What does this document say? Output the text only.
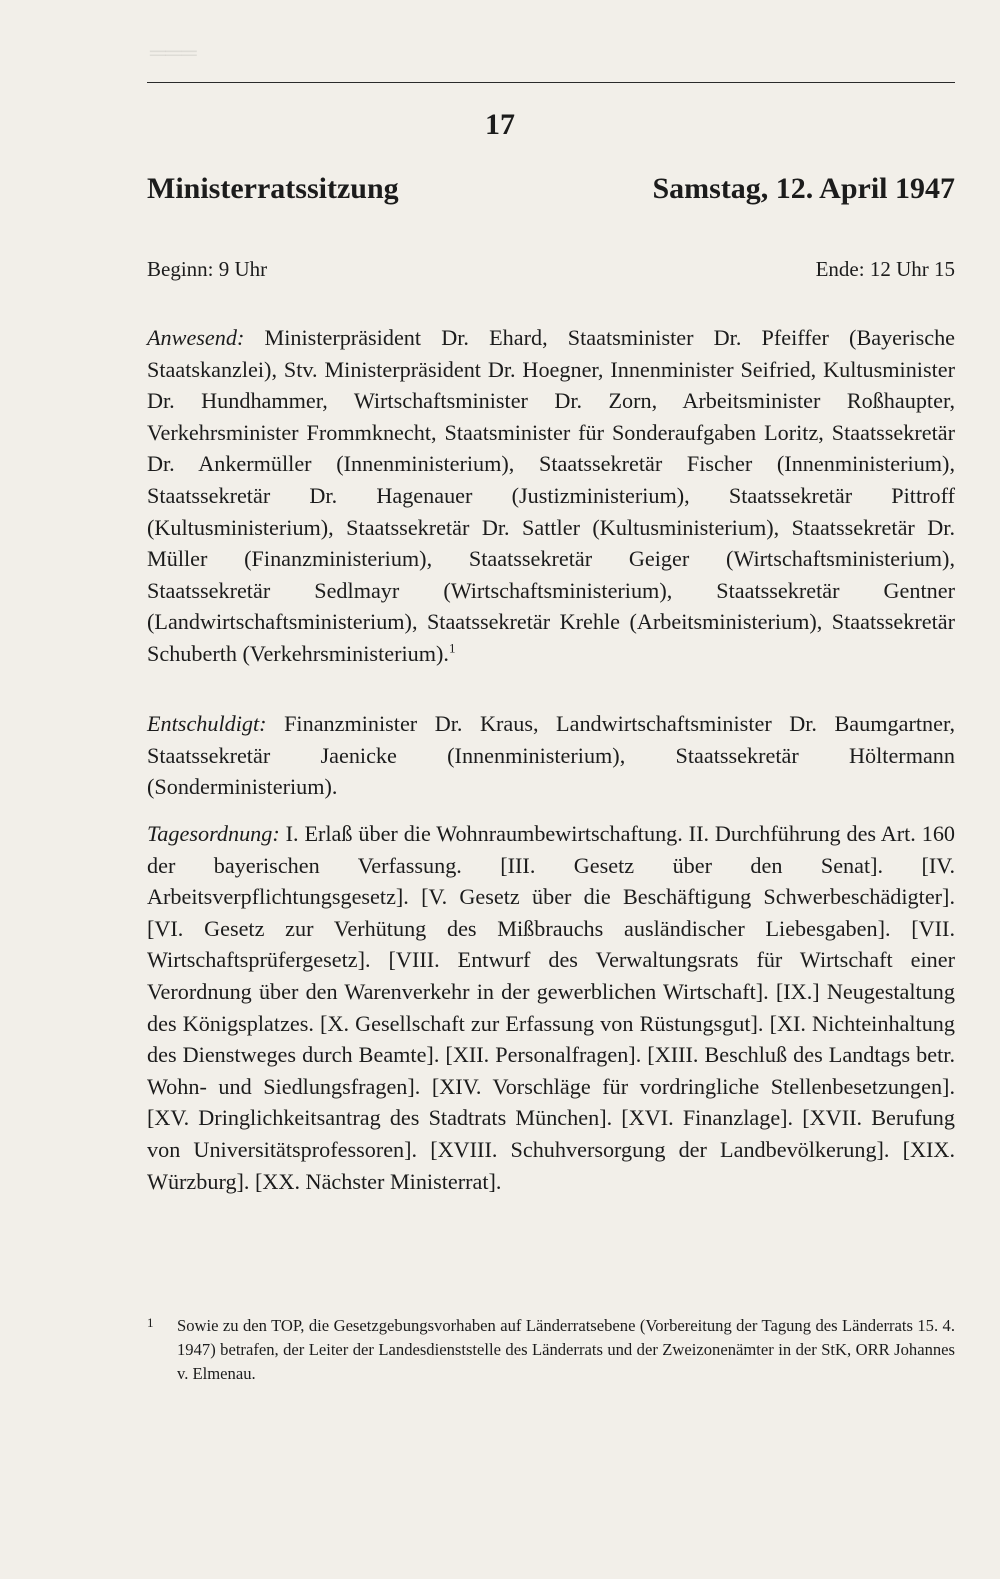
═══
17
Ministerratssitzung	Samstag, 12. April 1947
Beginn: 9 Uhr	Ende: 12 Uhr 15
Anwesend: Ministerpräsident Dr. Ehard, Staatsminister Dr. Pfeiffer (Bayerische Staatskanzlei), Stv. Ministerpräsident Dr. Hoegner, Innenminister Seifried, Kultusminister Dr. Hundhammer, Wirtschaftsminister Dr. Zorn, Arbeitsminister Roßhaupter, Verkehrsminister Frommknecht, Staatsminister für Sonderaufgaben Loritz, Staatssekretär Dr. Ankermüller (Innenministerium), Staatssekretär Fischer (Innenministerium), Staatssekretär Dr. Hagenauer (Justizministerium), Staatssekretär Pittroff (Kultusministerium), Staatssekretär Dr. Sattler (Kultusministerium), Staatssekretär Dr. Müller (Finanzministerium), Staatssekretär Geiger (Wirtschaftsministerium), Staatssekretär Sedlmayr (Wirtschaftsministerium), Staatssekretär Gentner (Landwirtschaftsministerium), Staatssekretär Krehle (Arbeitsministerium), Staatssekretär Schuberth (Verkehrsministerium).$^1$
Entschuldigt: Finanzminister Dr. Kraus, Landwirtschaftsminister Dr. Baumgartner, Staatssekretär Jaenicke (Innenministerium), Staatssekretär Höltermann (Sonderministerium).
Tagesordnung: I. Erlaß über die Wohnraumbewirtschaftung. II. Durchführung des Art. 160 der bayerischen Verfassung. [III. Gesetz über den Senat]. [IV. Arbeitsverpflichtungsgesetz]. [V. Gesetz über die Beschäftigung Schwerbeschädigter]. [VI. Gesetz zur Verhütung des Mißbrauchs ausländischer Liebesgaben]. [VII. Wirtschaftsprüfergesetz]. [VIII. Entwurf des Verwaltungsrats für Wirtschaft einer Verordnung über den Warenverkehr in der gewerblichen Wirtschaft]. [IX.] Neugestaltung des Königsplatzes. [X. Gesellschaft zur Erfassung von Rüstungsgut]. [XI. Nichteinhaltung des Dienstweges durch Beamte]. [XII. Personalfragen]. [XIII. Beschluß des Landtags betr. Wohn- und Siedlungsfragen]. [XIV. Vorschläge für vordringliche Stellenbesetzungen]. [XV. Dringlichkeitsantrag des Stadtrats München]. [XVI. Finanzlage]. [XVII. Berufung von Universitätsprofessoren]. [XVIII. Schuhversorgung der Landbevölkerung]. [XIX. Würzburg]. [XX. Nächster Ministerrat].
1	Sowie zu den TOP, die Gesetzgebungsvorhaben auf Länderratsebene (Vorbereitung der Tagung des Länderrats 15. 4. 1947) betrafen, der Leiter der Landesdienststelle des Länderrats und der Zweizonenämter in der StK, ORR Johannes v. Elmenau.
